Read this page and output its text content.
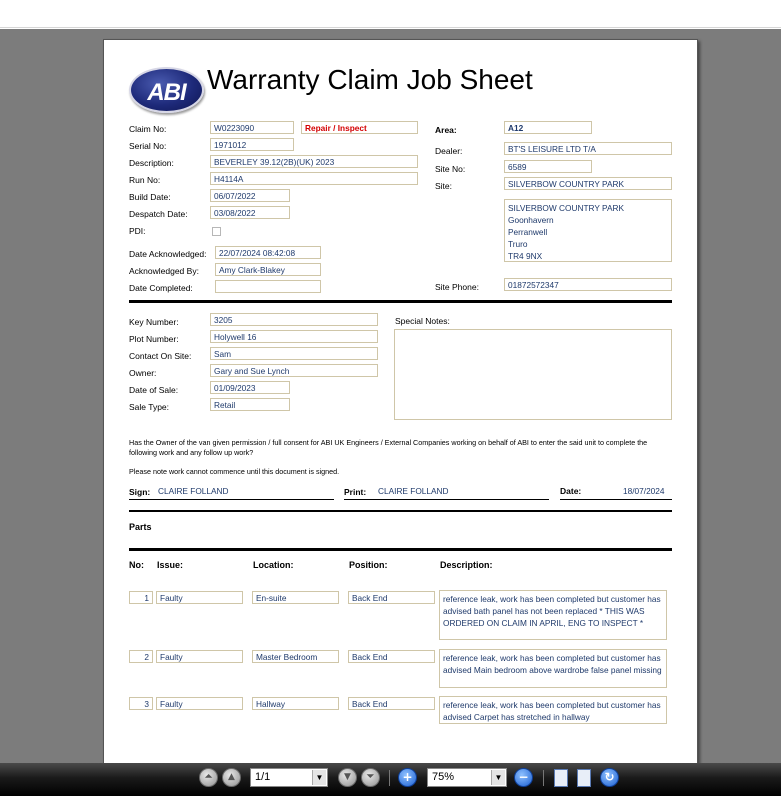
ABI Warranty Claim Job Sheet
Claim No:	W0223090	Repair / Inspect
Serial No:	1971012
Description:	BEVERLEY 39.12(2B)(UK) 2023
Run No:	H4114A
Build Date:	06/07/2022
Despatch Date:	03/08/2022
PDI:
Date Acknowledged:	22/07/2024 08:42:08
Acknowledged By:	Amy Clark-Blakey
Date Completed:
Area:	A12
Dealer:	BT'S LEISURE LTD T/A
Site No:	6589
Site:	SILVERBOW COUNTRY PARK
SILVERBOW COUNTRY PARK
Goonhavern
Perranwell
Truro
TR4 9NX
Site Phone:	01872572347
Key Number:	3205
Plot Number:	Holywell 16
Contact On Site:	Sam
Owner:	Gary and Sue Lynch
Date of Sale:	01/09/2023
Sale Type:	Retail
Special Notes:
Has the Owner of the van given permission / full consent for ABI UK Engineers / External Companies working on behalf of ABI to enter the said unit to complete the following work and any follow up work?
Please note work cannot commence until this document is signed.
Sign: CLAIRE FOLLAND	Print: CLAIRE FOLLAND	Date:	18/07/2024
Parts
No: Issue:	Location:	Position:	Description:
1	Faulty	En-suite	Back End	reference leak, work has been completed but customer has advised bath panel has not been replaced * THIS WAS ORDERED ON CLAIM IN APRIL, ENG TO INSPECT *
2	Faulty	Master Bedroom	Back End	reference leak, work has been completed but customer has advised Main bedroom above wardrobe false panel missing
3	Faulty	Hallway	Back End	reference leak, work has been completed but customer has advised Carpet has stretched in hallway
⏶	▲	1/1	▼	▼	⏷	+	75%	▼ −	↻
